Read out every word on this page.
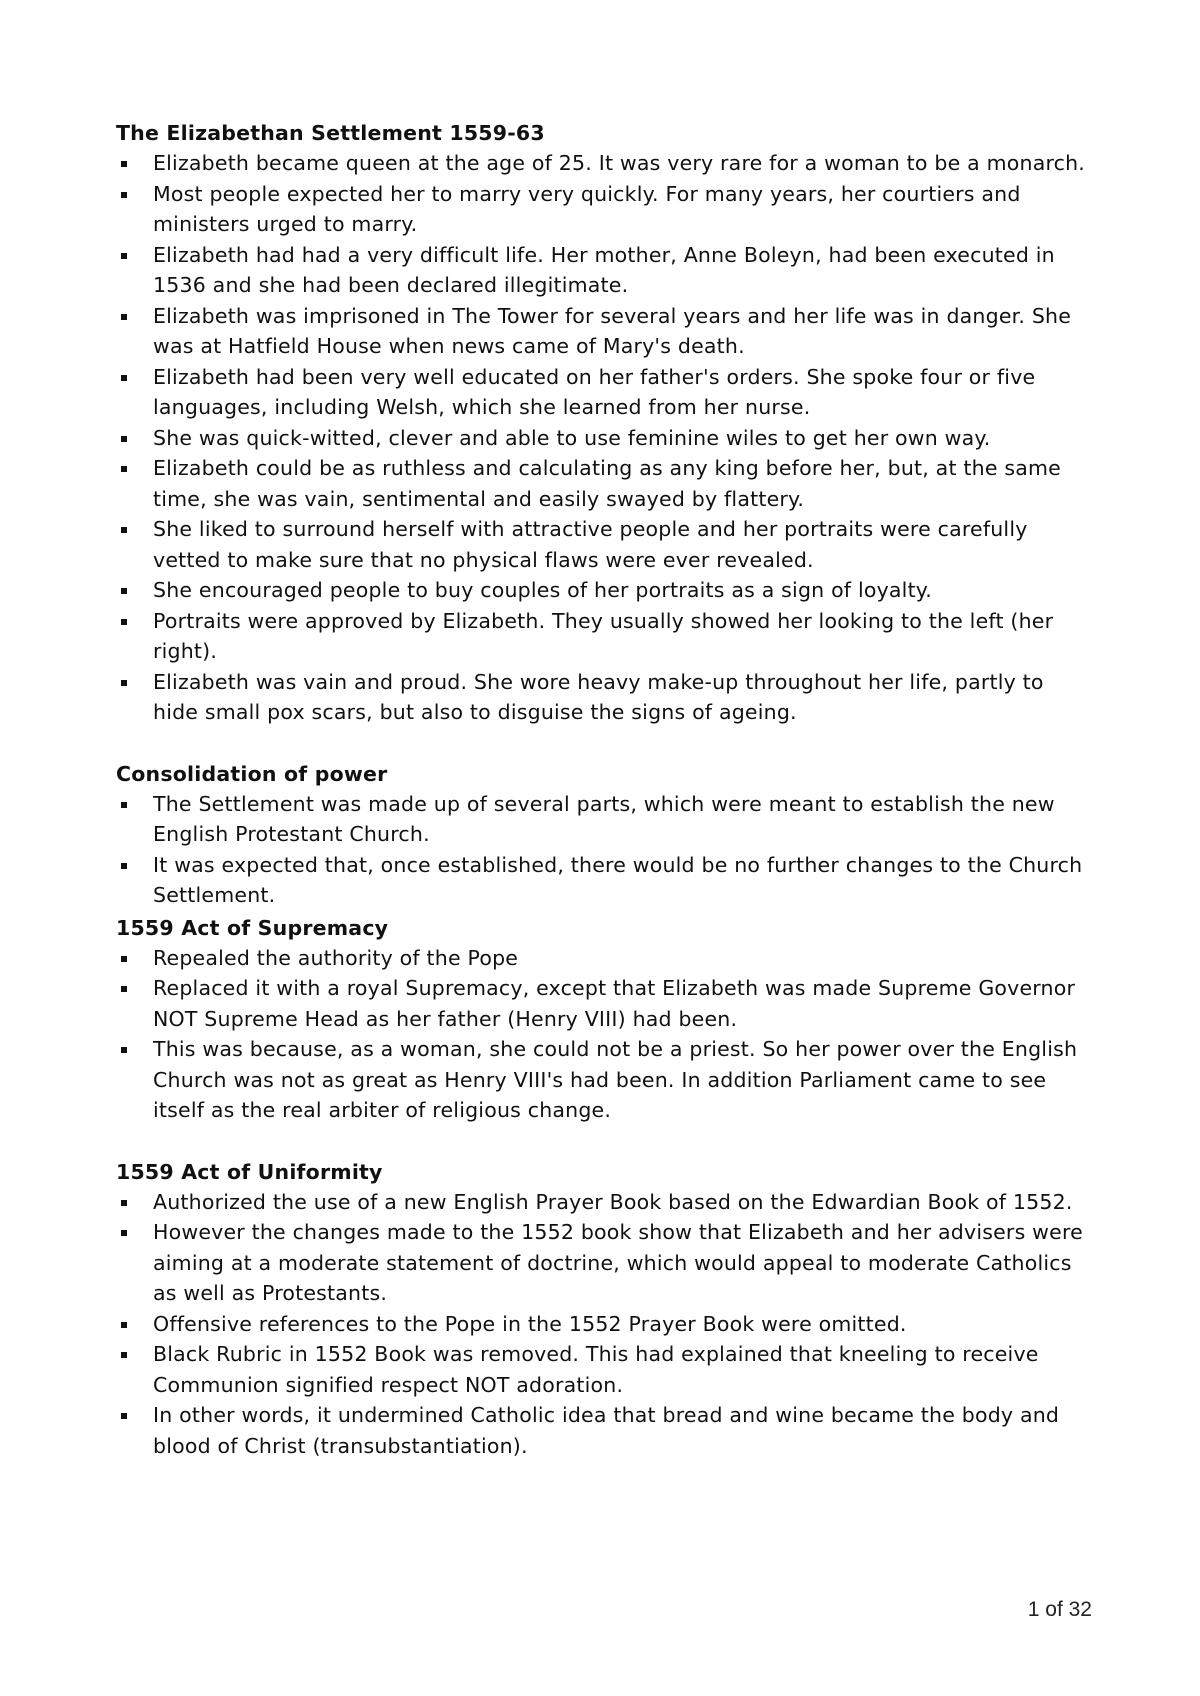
The Elizabethan Settlement 1559-63
Elizabeth became queen at the age of 25. It was very rare for a woman to be a monarch.
Most people expected her to marry very quickly. For many years, her courtiers and ministers urged to marry.
Elizabeth had had a very difficult life. Her mother, Anne Boleyn, had been executed in 1536 and she had been declared illegitimate.
Elizabeth was imprisoned in The Tower for several years and her life was in danger. She was at Hatfield House when news came of Mary's death.
Elizabeth had been very well educated on her father's orders. She spoke four or five languages, including Welsh, which she learned from her nurse.
She was quick-witted, clever and able to use feminine wiles to get her own way.
Elizabeth could be as ruthless and calculating as any king before her, but, at the same time, she was vain, sentimental and easily swayed by flattery.
She liked to surround herself with attractive people and her portraits were carefully vetted to make sure that no physical flaws were ever revealed.
She encouraged people to buy couples of her portraits as a sign of loyalty.
Portraits were approved by Elizabeth. They usually showed her looking to the left (her right).
Elizabeth was vain and proud. She wore heavy make-up throughout her life, partly to hide small pox scars, but also to disguise the signs of ageing.
Consolidation of power
The Settlement was made up of several parts, which were meant to establish the new English Protestant Church.
It was expected that, once established, there would be no further changes to the Church Settlement.
1559 Act of Supremacy
Repealed the authority of the Pope
Replaced it with a royal Supremacy, except that Elizabeth was made Supreme Governor NOT Supreme Head as her father (Henry VIII) had been.
This was because, as a woman, she could not be a priest. So her power over the English Church was not as great as Henry VIII's had been. In addition Parliament came to see itself as the real arbiter of religious change.
1559 Act of Uniformity
Authorized the use of a new English Prayer Book based on the Edwardian Book of 1552.
However the changes made to the 1552 book show that Elizabeth and her advisers were aiming at a moderate statement of doctrine, which would appeal to moderate Catholics as well as Protestants.
Offensive references to the Pope in the 1552 Prayer Book were omitted.
Black Rubric in 1552 Book was removed. This had explained that kneeling to receive Communion signified respect NOT adoration.
In other words, it undermined Catholic idea that bread and wine became the body and blood of Christ (transubstantiation).
1 of 32
